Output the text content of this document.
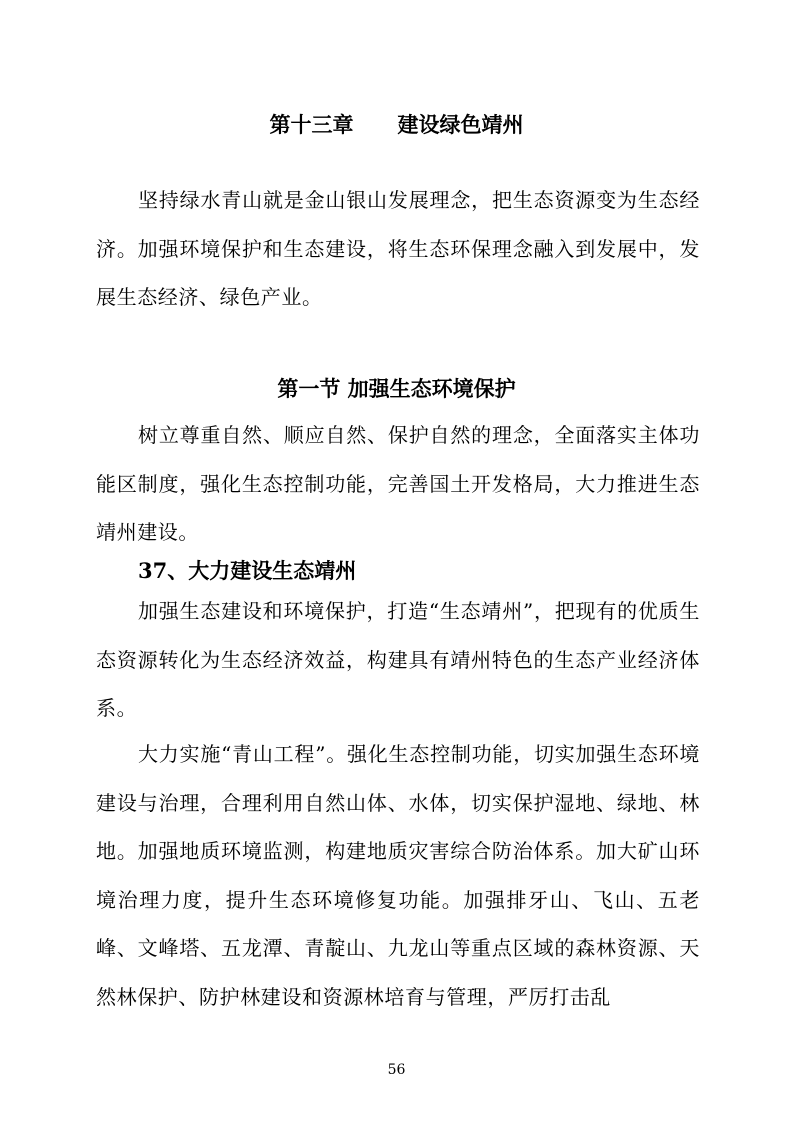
第十三章 建设绿色靖州

坚持绿水青山就是金山银山发展理念，把生态资源变为生态经济。加强环境保护和生态建设，将生态环保理念融入到发展中，发展生态经济、绿色产业。

第一节 加强生态环境保护

树立尊重自然、顺应自然、保护自然的理念，全面落实主体功能区制度，强化生态控制功能，完善国土开发格局，大力推进生态靖州建设。

37、大力建设生态靖州

加强生态建设和环境保护，打造“生态靖州”，把现有的优质生态资源转化为生态经济效益，构建具有靖州特色的生态产业经济体系。

大力实施“青山工程”。强化生态控制功能，切实加强生态环境建设与治理，合理利用自然山体、水体，切实保护湿地、绿地、林地。加强地质环境监测，构建地质灾害综合防治体系。加大矿山环境治理力度，提升生态环境修复功能。加强排牙山、飞山、五老峰、文峰塔、五龙潭、青靛山、九龙山等重点区域的森林资源、天然林保护、防护林建设和资源林培育与管理，严厉打击乱

56
